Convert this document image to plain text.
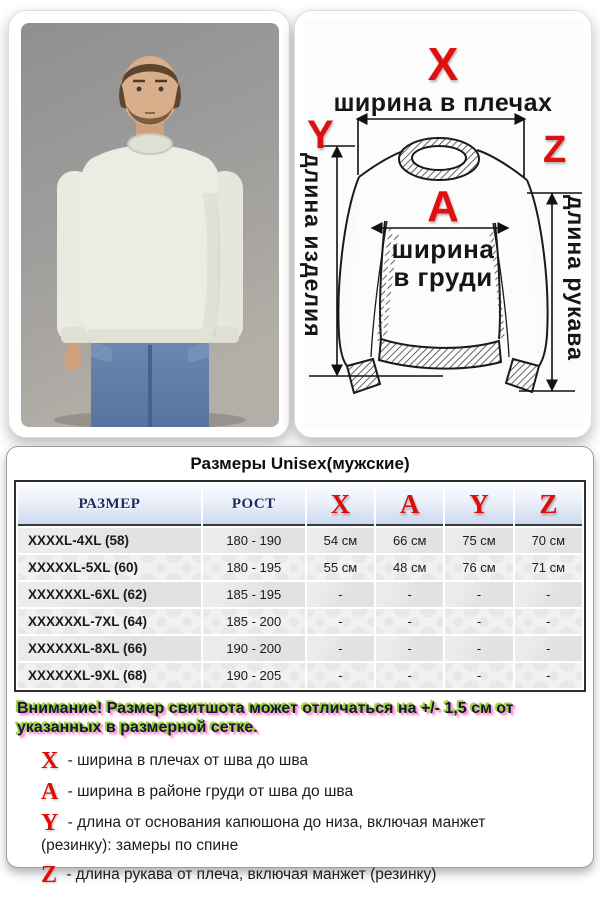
X
ширина в плечах
Y	Z
A
ширина
в груди
длина изделия	длина рукава
Размеры Unisex(мужские)
РАЗМЕР	РОСТ	X	A	Y	Z
XXXXL-4XL (58)	180 - 190	54 см	66 см	75 см	70 см
XXXXXL-5XL (60)	180 - 195	55 см	48 см	76 см	71 см
XXXXXXL-6XL (62)	185 - 195	-	-	-	-
XXXXXXL-7XL (64)	185 - 200	-	-	-	-
XXXXXXL-8XL (66)	190 - 200	-	-	-	-
XXXXXXL-9XL (68)	190 - 205	-	-	-	-
Внимание! Размер свитшота может отличаться на +/- 1,5 см от
указанных в размерной сетке.
X - ширина в плечах от шва до шва
A - ширина в районе груди от шва до шва
Y - длина от основания капюшона до низа, включая манжет
(резинку): замеры по спине
Z - длина рукава от плеча, включая манжет (резинку)
